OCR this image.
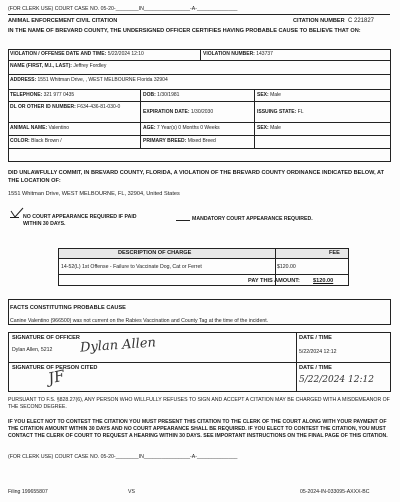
(FOR CLERK USE) COURT CASE NO. 05-20-________IN________________-A-______________
ANIMAL ENFORCEMENT CIVIL CITATION	CITATION NUMBER C 221827
IN THE NAME OF BREVARD COUNTY, THE UNDERSIGNED OFFICER CERTIFIES HAVING PROBABLE CAUSE TO BELIEVE THAT ON:
VIOLATION / OFFENSE DATE AND TIME: 5/22/2024 12:10	VIOLATION NUMBER: 143737
NAME (FIRST, M.I., LAST): Jeffrey Fordley
ADDRESS: 1551 Whitman Drive, , WEST MELBOURNE Florida 32904
TELEPHONE: 321 977 0435	DOB: 1/30/1981	SEX: Male
DL OR OTHER ID NUMBER: F634-436-81-030-0
EXPIRATION DATE: 1/30/2030	ISSUING STATE: FL
ANIMAL NAME: Valentino	AGE: 7 Year(s) 0 Months 0 Weeks	SEX: Male
COLOR: Black Brown /	PRIMARY BREED: Mixed Breed
DID UNLAWFULLY COMMIT, IN BREVARD COUNTY, FLORIDA, A VIOLATION OF THE BREVARD COUNTY ORDINANCE INDICATED BELOW, AT THE LOCATION OF:
1551 Whitman Drive, WEST MELBOURNE, FL, 32904, United States
NO COURT APPEARANCE REQUIRED IF PAID WITHIN 30 DAYS.
MANDATORY COURT APPEARANCE REQUIRED.
DESCRIPTION OF CHARGE	FEE
14-52(L) 1st Offense - Failure to Vaccinate Dog, Cat or Ferret	$120.00
PAY THIS AMOUNT: $120.00
FACTS CONSTITUTING PROBABLE CAUSE
Canine Valentino (966500) was not current on the Rabies Vaccination and County Tag at the time of the incident.
SIGNATURE OF OFFICER
Dylan Allen, 5212 Dylan Allen	DATE / TIME
5/22/2024 12:12
SIGNATURE OF PERSON CITED
JF	DATE / TIME
5/22/2024 12:12
PURSUANT TO F.S. §828.27(6), ANY PERSON WHO WILLFULLY REFUSES TO SIGN AND ACCEPT A CITATION MAY BE CHARGED WITH A MISDEMEANOR OF THE SECOND DEGREE.
IF YOU ELECT NOT TO CONTEST THE CITATION YOU MUST PRESENT THIS CITATION TO THE CLERK OF THE COURT ALONG WITH YOUR PAYMENT OF THE CITATION AMOUNT WITHIN 30 DAYS AND NO COURT APPEARANCE SHALL BE REQUIRED. IF YOU ELECT TO CONTEST THE CITATION, YOU MUST CONTACT THE CLERK OF COURT TO REQUEST A HEARING WITHIN 30 DAYS. SEE IMPORTANT INSTRUCTIONS ON THE FINAL PAGE OF THIS CITATION.
(FOR CLERK USE) COURT CASE NO. 05-20-________IN________________-A-______________
Filing 199655807	VS	05-2024-IN-033095-AXXX-BC
